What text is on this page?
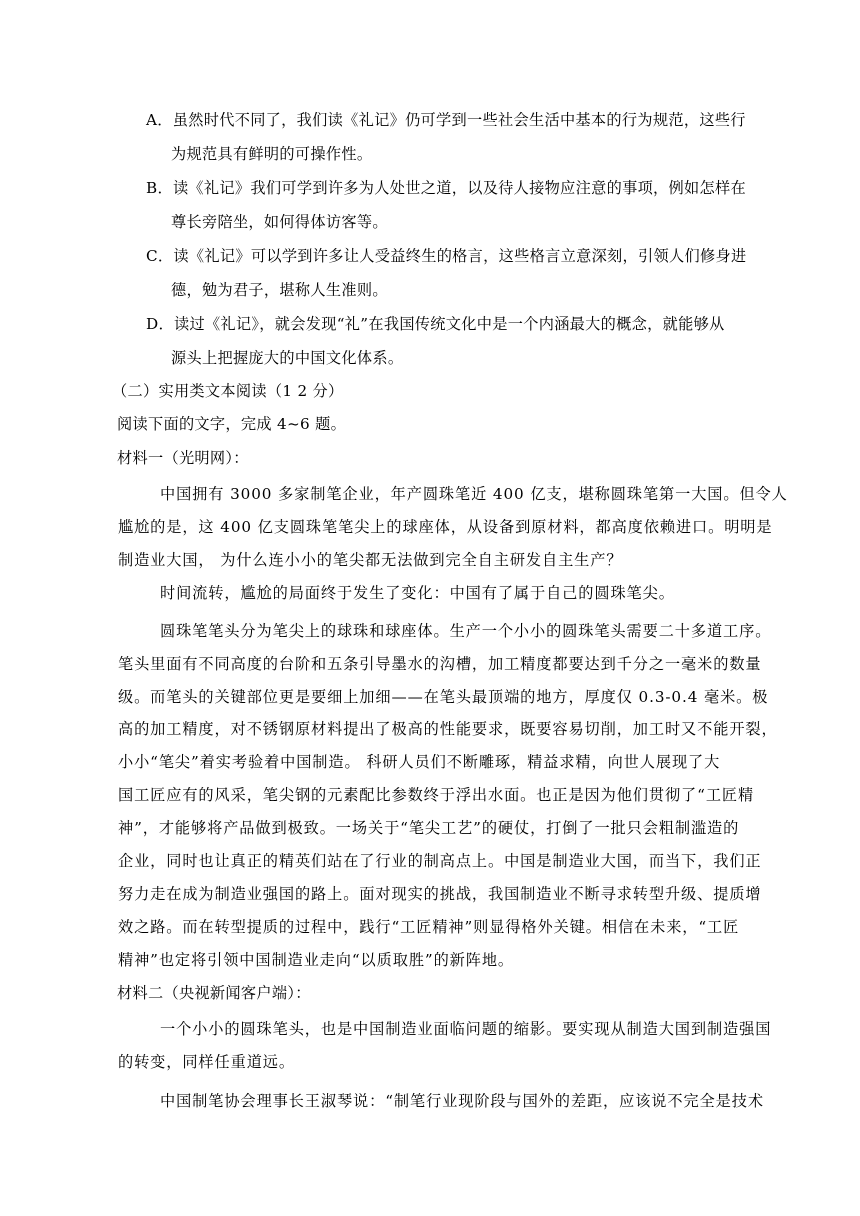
A．虽然时代不同了，我们读《礼记》仍可学到一些社会生活中基本的行为规范，这些行
为规范具有鲜明的可操作性。
B．读《礼记》我们可学到许多为人处世之道，以及待人接物应注意的事项，例如怎样在
尊长旁陪坐，如何得体访客等。
C．读《礼记》可以学到许多让人受益终生的格言，这些格言立意深刻，引领人们修身进
德，勉为君子，堪称人生准则。
D．读过《礼记》，就会发现“礼”在我国传统文化中是一个内涵最大的概念，就能够从
源头上把握庞大的中国文化体系。
（二）实用类文本阅读（1 2 分）
阅读下面的文字，完成 4~6 题。
材料一（光明网）：
中国拥有 3000 多家制笔企业，年产圆珠笔近 400 亿支，堪称圆珠笔第一大国。但令人
尴尬的是，这 400 亿支圆珠笔笔尖上的球座体，从设备到原材料，都高度依赖进口。明明是
制造业大国， 为什么连小小的笔尖都无法做到完全自主研发自主生产？
时间流转，尴尬的局面终于发生了变化：中国有了属于自己的圆珠笔尖。
圆珠笔笔头分为笔尖上的球珠和球座体。生产一个小小的圆珠笔头需要二十多道工序。
笔头里面有不同高度的台阶和五条引导墨水的沟槽，加工精度都要达到千分之一毫米的数量
级。而笔头的关键部位更是要细上加细——在笔头最顶端的地方，厚度仅 0.3-0.4 毫米。极
高的加工精度，对不锈钢原材料提出了极高的性能要求，既要容易切削，加工时又不能开裂，
小小“笔尖”着实考验着中国制造。 科研人员们不断雕琢，精益求精，向世人展现了大
国工匠应有的风采，笔尖钢的元素配比参数终于浮出水面。也正是因为他们贯彻了“工匠精
神”，才能够将产品做到极致。一场关于“笔尖工艺”的硬仗，打倒了一批只会粗制滥造的
企业，同时也让真正的精英们站在了行业的制高点上。中国是制造业大国，而当下，我们正
努力走在成为制造业强国的路上。面对现实的挑战，我国制造业不断寻求转型升级、提质增
效之路。而在转型提质的过程中，践行“工匠精神”则显得格外关键。相信在未来，“工匠
精神”也定将引领中国制造业走向“以质取胜”的新阵地。
材料二（央视新闻客户端）：
一个小小的圆珠笔头，也是中国制造业面临问题的缩影。要实现从制造大国到制造强国
的转变，同样任重道远。
中国制笔协会理事长王淑琴说：“制笔行业现阶段与国外的差距，应该说不完全是技术
